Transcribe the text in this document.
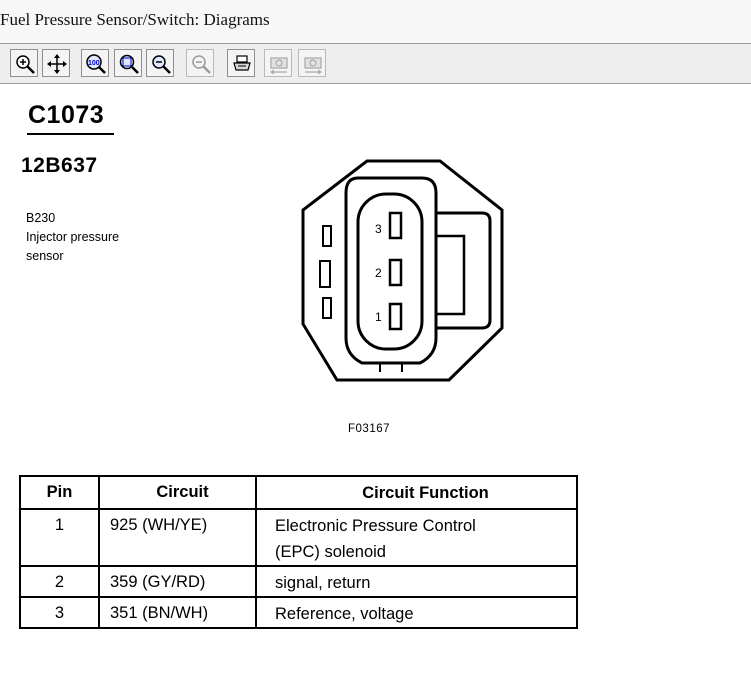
Fuel Pressure Sensor/Switch: Diagrams
100
C1073
12B637
B230
Injector pressure
sensor
3
2
1
F03167
Pin	Circuit	Circuit Function
1	925 (WH/YE)	Electronic Pressure Control
(EPC) solenoid

2	359 (GY/RD)	signal, return

3	351 (BN/WH)	Reference, voltage
